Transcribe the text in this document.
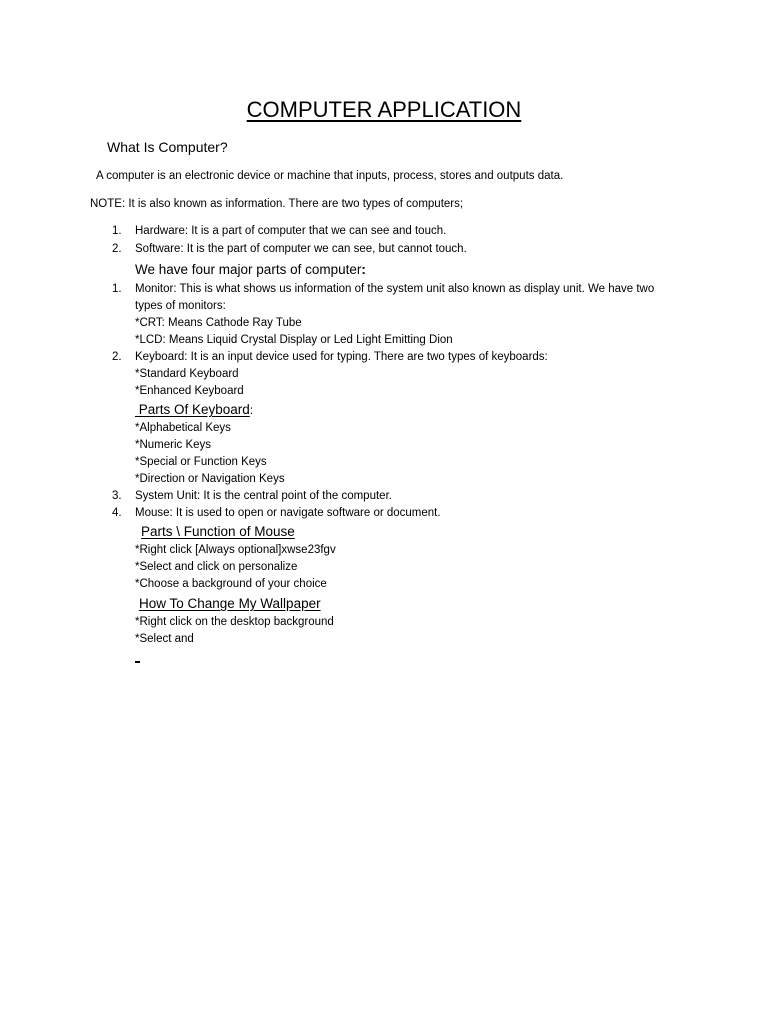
COMPUTER APPLICATION
What Is Computer?
A computer is an electronic device or machine that inputs, process, stores and outputs data.
NOTE: It is also known as information. There are two types of computers;
1. Hardware: It is a part of computer that we can see and touch.
2. Software: It is the part of computer we can see, but cannot touch.
We have four major parts of computer:
1. Monitor: This is what shows us information of the system unit also known as display unit. We have two
types of monitors:
*CRT: Means Cathode Ray Tube
*LCD: Means Liquid Crystal Display or Led Light Emitting Dion
2. Keyboard: It is an input device used for typing. There are two types of keyboards:
*Standard Keyboard
*Enhanced Keyboard
Parts Of Keyboard:
*Alphabetical Keys
*Numeric Keys
*Special or Function Keys
*Direction or Navigation Keys
3. System Unit: It is the central point of the computer.
4. Mouse: It is used to open or navigate software or document.
Parts \ Function of Mouse
*Right click [Always optional]xwse23fgv
*Select and click on personalize
*Choose a background of your choice
How To Change My Wallpaper
*Right click on the desktop background
*Select and
